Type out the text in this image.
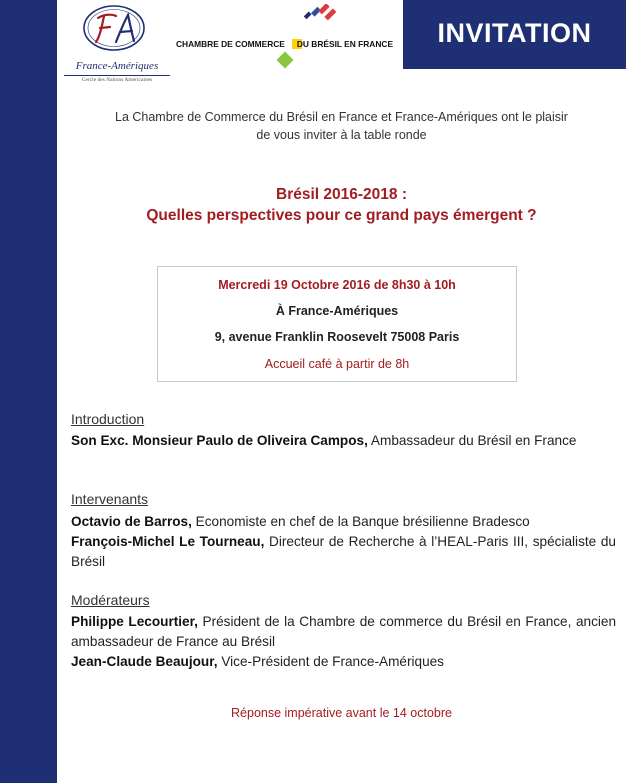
INVITATION
France-Amériques
Cercle des Nations Américaines
CHAMBRE DE COMMERCE DU BRÉSIL EN FRANCE
La Chambre de Commerce du Brésil en France et France-Amériques ont le plaisir
de vous inviter à la table ronde
Brésil 2016-2018 :
Quelles perspectives pour ce grand pays émergent ?
Mercredi 19 Octobre 2016 de 8h30 à 10h
À France-Amériques
9, avenue Franklin Roosevelt 75008 Paris
Accueil café à partir de 8h
Introduction
Son Exc. Monsieur Paulo de Oliveira Campos, Ambassadeur du Brésil en France
Intervenants
Octavio de Barros, Economiste en chef de la Banque brésilienne Bradesco
François-Michel Le Tourneau, Directeur de Recherche à l’HEAL-Paris III, spécialiste du Brésil
Modérateurs
Philippe Lecourtier, Président de la Chambre de commerce du Brésil en France, ancien ambassadeur de France au Brésil
Jean-Claude Beaujour, Vice-Président de France-Amériques
Réponse impérative avant le 14 octobre
